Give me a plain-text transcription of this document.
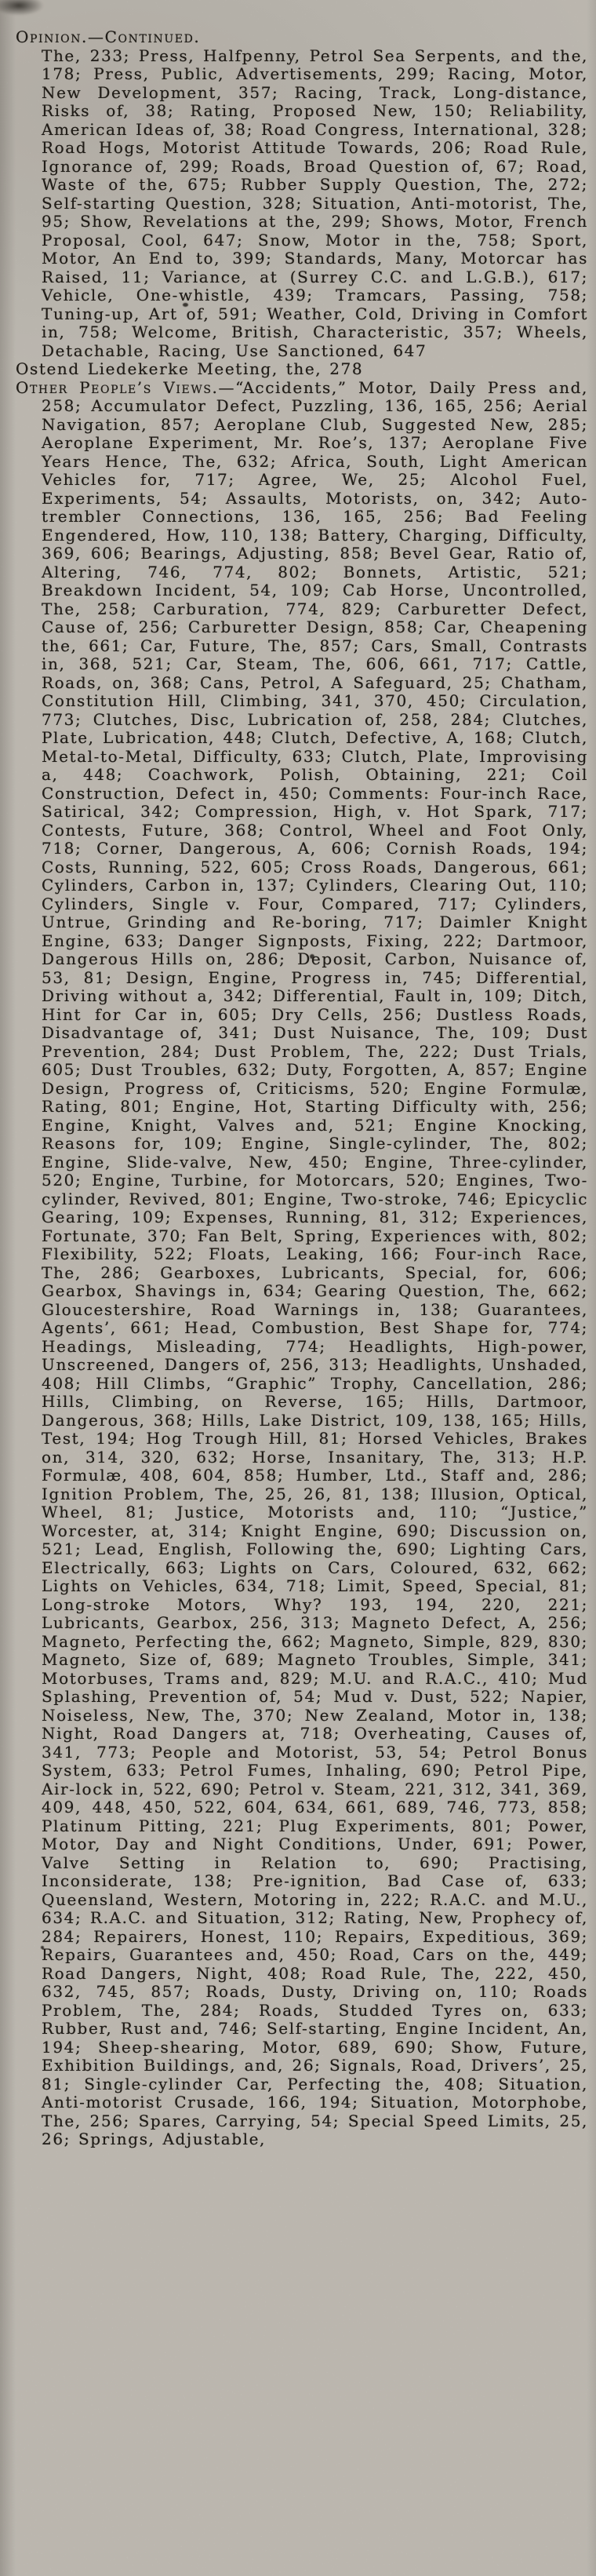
Opinion.—Continued.

The, 233; Press, Halfpenny, Petrol Sea Serpents, and the, 178; Press, Public, Advertisements, 299; Racing, Motor, New Development, 357; Racing, Track, Long-distance, Risks of, 38; Rating, Proposed New, 150; Reliability, American Ideas of, 38; Road Congress, International, 328; Road Hogs, Motorist Attitude Towards, 206; Road Rule, Ignorance of, 299; Roads, Broad Question of, 67; Road, Waste of the, 675; Rubber Supply Question, The, 272; Self-starting Question, 328; Situation, Anti-motorist, The, 95; Show, Revelations at the, 299; Shows, Motor, French Proposal, Cool, 647; Snow, Motor in the, 758; Sport, Motor, An End to, 399; Standards, Many, Motorcar has Raised, 11; Variance, at (Surrey C.C. and L.G.B.), 617; Vehicle, One-whistle, 439; Tramcars, Passing, 758; Tuning-up, Art of, 591; Weather, Cold, Driving in Comfort in, 758; Welcome, British, Characteristic, 357; Wheels, Detachable, Racing, Use Sanctioned, 647

Ostend Liedekerke Meeting, the, 278

Other People’s Views.—“Accidents,” Motor, Daily Press and, 258; Accumulator Defect, Puzzling, 136, 165, 256; Aerial Navigation, 857; Aeroplane Club, Suggested New, 285; Aeroplane Experiment, Mr. Roe’s, 137; Aeroplane Five Years Hence, The, 632; Africa, South, Light American Vehicles for, 717; Agree, We, 25; Alcohol Fuel, Experiments, 54; Assaults, Motorists, on, 342; Auto-trembler Connections, 136, 165, 256; Bad Feeling Engendered, How, 110, 138; Battery, Charging, Difficulty, 369, 606; Bearings, Adjusting, 858; Bevel Gear, Ratio of, Altering, 746, 774, 802; Bonnets, Artistic, 521; Breakdown Incident, 54, 109; Cab Horse, Uncontrolled, The, 258; Carburation, 774, 829; Carburetter Defect, Cause of, 256; Carburetter Design, 858; Car, Cheapening the, 661; Car, Future, The, 857; Cars, Small, Contrasts in, 368, 521; Car, Steam, The, 606, 661, 717; Cattle, Roads, on, 368; Cans, Petrol, A Safeguard, 25; Chatham, Constitution Hill, Climbing, 341, 370, 450; Circulation, 773; Clutches, Disc, Lubrication of, 258, 284; Clutches, Plate, Lubrication, 448; Clutch, Defective, A, 168; Clutch, Metal-to-Metal, Difficulty, 633; Clutch, Plate, Improvising a, 448; Coachwork, Polish, Obtaining, 221; Coil Construction, Defect in, 450; Comments: Four-inch Race, Satirical, 342; Compression, High, v. Hot Spark, 717; Contests, Future, 368; Control, Wheel and Foot Only, 718; Corner, Dangerous, A, 606; Cornish Roads, 194; Costs, Running, 522, 605; Cross Roads, Dangerous, 661; Cylinders, Carbon in, 137; Cylinders, Clearing Out, 110; Cylinders, Single v. Four, Compared, 717; Cylinders, Untrue, Grinding and Re-boring, 717; Daimler Knight Engine, 633; Danger Signposts, Fixing, 222; Dartmoor, Dangerous Hills on, 286; Deposit, Carbon, Nuisance of, 53, 81; Design, Engine, Progress in, 745; Differential, Driving without a, 342; Differential, Fault in, 109; Ditch, Hint for Car in, 605; Dry Cells, 256; Dustless Roads, Disadvantage of, 341; Dust Nuisance, The, 109; Dust Prevention, 284; Dust Problem, The, 222; Dust Trials, 605; Dust Troubles, 632; Duty, Forgotten, A, 857; Engine Design, Progress of, Criticisms, 520; Engine Formulæ, Rating, 801; Engine, Hot, Starting Difficulty with, 256; Engine, Knight, Valves and, 521; Engine Knocking, Reasons for, 109; Engine, Single-cylinder, The, 802; Engine, Slide-valve, New, 450; Engine, Three-cylinder, 520; Engine, Turbine, for Motorcars, 520; Engines, Two-cylinder, Revived, 801; Engine, Two-stroke, 746; Epicyclic Gearing, 109; Expenses, Running, 81, 312; Experiences, Fortunate, 370; Fan Belt, Spring, Experiences with, 802; Flexibility, 522; Floats, Leaking, 166; Four-inch Race, The, 286; Gearboxes, Lubricants, Special, for, 606; Gearbox, Shavings in, 634; Gearing Question, The, 662; Gloucestershire, Road Warnings in, 138; Guarantees, Agents’, 661; Head, Combustion, Best Shape for, 774; Headings, Misleading, 774; Headlights, High-power, Unscreened, Dangers of, 256, 313; Headlights, Unshaded, 408; Hill Climbs, “Graphic” Trophy, Cancellation, 286; Hills, Climbing, on Reverse, 165; Hills, Dartmoor, Dangerous, 368; Hills, Lake District, 109, 138, 165; Hills, Test, 194; Hog Trough Hill, 81; Horsed Vehicles, Brakes on, 314, 320, 632; Horse, Insanitary, The, 313; H.P. Formulæ, 408, 604, 858; Humber, Ltd., Staff and, 286; Ignition Problem, The, 25, 26, 81, 138; Illusion, Optical, Wheel, 81; Justice, Motorists and, 110; “Justice,” Worcester, at, 314; Knight Engine, 690; Discussion on, 521; Lead, English, Following the, 690; Lighting Cars, Electrically, 663; Lights on Cars, Coloured, 632, 662; Lights on Vehicles, 634, 718; Limit, Speed, Special, 81; Long-stroke Motors, Why? 193, 194, 220, 221; Lubricants, Gearbox, 256, 313; Magneto Defect, A, 256; Magneto, Perfecting the, 662; Magneto, Simple, 829, 830; Magneto, Size of, 689; Magneto Troubles, Simple, 341; Motorbuses, Trams and, 829; M.U. and R.A.C., 410; Mud Splashing, Prevention of, 54; Mud v. Dust, 522; Napier, Noiseless, New, The, 370; New Zealand, Motor in, 138; Night, Road Dangers at, 718; Overheating, Causes of, 341, 773; People and Motorist, 53, 54; Petrol Bonus System, 633; Petrol Fumes, Inhaling, 690; Petrol Pipe, Air-lock in, 522, 690; Petrol v. Steam, 221, 312, 341, 369, 409, 448, 450, 522, 604, 634, 661, 689, 746, 773, 858; Platinum Pitting, 221; Plug Experiments, 801; Power, Motor, Day and Night Conditions, Under, 691; Power, Valve Setting in Relation to, 690; Practising, Inconsiderate, 138; Pre-ignition, Bad Case of, 633; Queensland, Western, Motoring in, 222; R.A.C. and M.U., 634; R.A.C. and Situation, 312; Rating, New, Prophecy of, 284; Repairers, Honest, 110; Repairs, Expeditious, 369; Repairs, Guarantees and, 450; Road, Cars on the, 449; Road Dangers, Night, 408; Road Rule, The, 222, 450, 632, 745, 857; Roads, Dusty, Driving on, 110; Roads Problem, The, 284; Roads, Studded Tyres on, 633; Rubber, Rust and, 746; Self-starting, Engine Incident, An, 194; Sheep-shearing, Motor, 689, 690; Show, Future, Exhibition Buildings, and, 26; Signals, Road, Drivers’, 25, 81; Single-cylinder Car, Perfecting the, 408; Situation, Anti-motorist Crusade, 166, 194; Situation, Motorphobe, The, 256; Spares, Carrying, 54; Special Speed Limits, 25, 26; Springs, Adjustable,
